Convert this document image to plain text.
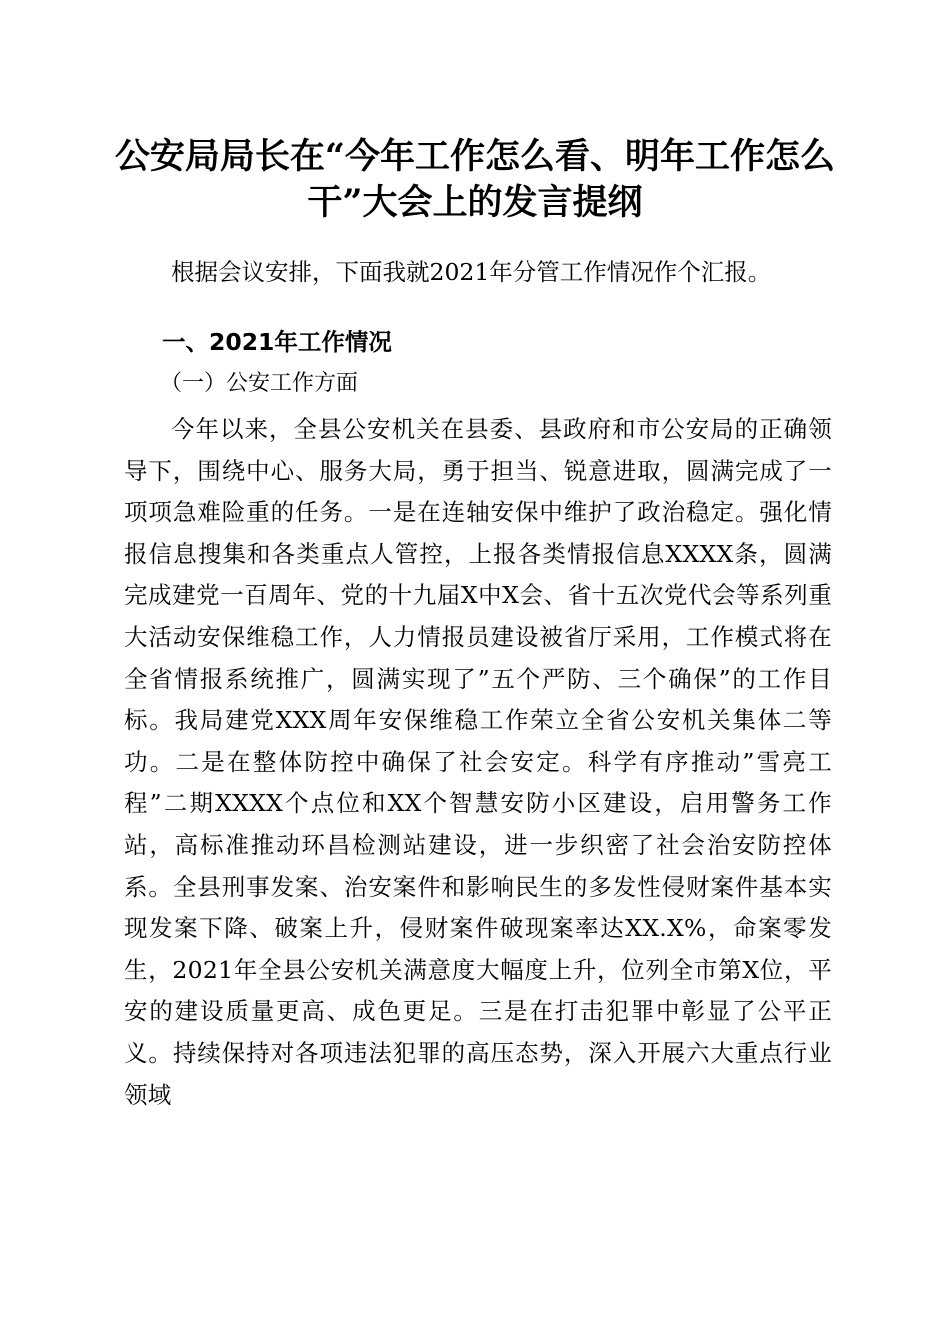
公安局局长在“今年工作怎么看、明年工作怎么干”大会上的发言提纲
根据会议安排，下面我就2021年分管工作情况作个汇报。
一、2021年工作情况
（一）公安工作方面
今年以来，全县公安机关在县委、县政府和市公安局的正确领导下，围绕中心、服务大局，勇于担当、锐意进取，圆满完成了一项项急难险重的任务。一是在连轴安保中维护了政治稳定。强化情报信息搜集和各类重点人管控，上报各类情报信息XXXX条，圆满完成建党一百周年、党的十九届X中X会、省十五次党代会等系列重大活动安保维稳工作，人力情报员建设被省厅采用，工作模式将在全省情报系统推广，圆满实现了”五个严防、三个确保”的工作目标。我局建党XXX周年安保维稳工作荣立全省公安机关集体二等功。二是在整体防控中确保了社会安定。科学有序推动”雪亮工程”二期XXXX个点位和XX个智慧安防小区建设，启用警务工作站，高标准推动环昌检测站建设，进一步织密了社会治安防控体系。全县刑事发案、治安案件和影响民生的多发性侵财案件基本实现发案下降、破案上升，侵财案件破现案率达XX.X%，命案零发生，2021年全县公安机关满意度大幅度上升，位列全市第X位，平安的建设质量更高、成色更足。三是在打击犯罪中彰显了公平正义。持续保持对各项违法犯罪的高压态势，深入开展六大重点行业领域
